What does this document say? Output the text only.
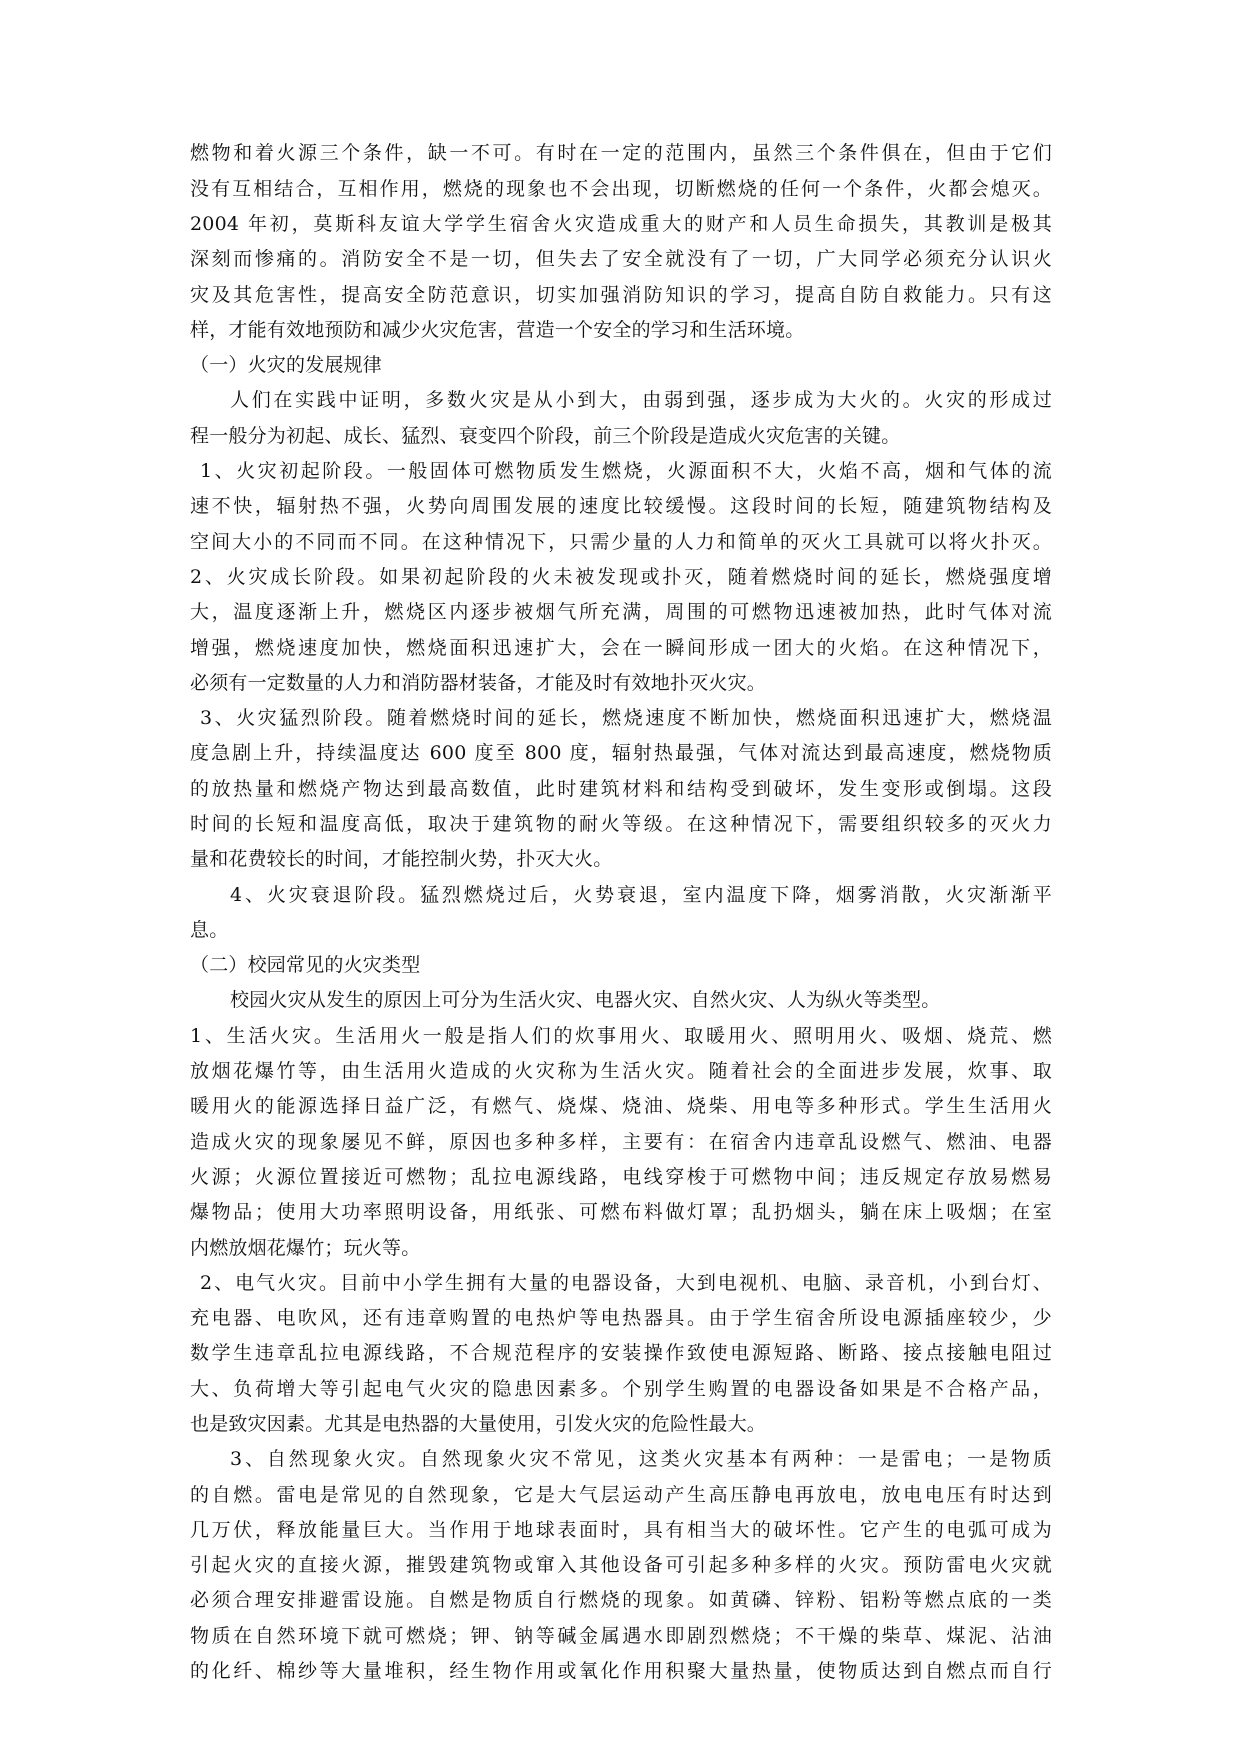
燃物和着火源三个条件，缺一不可。有时在一定的范围内，虽然三个条件俱在，但由于它们
没有互相结合，互相作用，燃烧的现象也不会出现，切断燃烧的任何一个条件，火都会熄灭。
2004 年初，莫斯科友谊大学学生宿舍火灾造成重大的财产和人员生命损失，其教训是极其
深刻而惨痛的。消防安全不是一切，但失去了安全就没有了一切，广大同学必须充分认识火
灾及其危害性，提高安全防范意识，切实加强消防知识的学习，提高自防自救能力。只有这
样，才能有效地预防和减少火灾危害，营造一个安全的学习和生活环境。
（一）火灾的发展规律
人们在实践中证明，多数火灾是从小到大，由弱到强，逐步成为大火的。火灾的形成过
程一般分为初起、成长、猛烈、衰变四个阶段，前三个阶段是造成火灾危害的关键。
1、火灾初起阶段。一般固体可燃物质发生燃烧，火源面积不大，火焰不高，烟和气体的流
速不快，辐射热不强，火势向周围发展的速度比较缓慢。这段时间的长短，随建筑物结构及
空间大小的不同而不同。在这种情况下，只需少量的人力和简单的灭火工具就可以将火扑灭。
2、火灾成长阶段。如果初起阶段的火未被发现或扑灭，随着燃烧时间的延长，燃烧强度增
大，温度逐渐上升，燃烧区内逐步被烟气所充满，周围的可燃物迅速被加热，此时气体对流
增强，燃烧速度加快，燃烧面积迅速扩大，会在一瞬间形成一团大的火焰。在这种情况下，
必须有一定数量的人力和消防器材装备，才能及时有效地扑灭火灾。
3、火灾猛烈阶段。随着燃烧时间的延长，燃烧速度不断加快，燃烧面积迅速扩大，燃烧温
度急剧上升，持续温度达 600 度至 800 度，辐射热最强，气体对流达到最高速度，燃烧物质
的放热量和燃烧产物达到最高数值，此时建筑材料和结构受到破坏，发生变形或倒塌。这段
时间的长短和温度高低，取决于建筑物的耐火等级。在这种情况下，需要组织较多的灭火力
量和花费较长的时间，才能控制火势，扑灭大火。
4、火灾衰退阶段。猛烈燃烧过后，火势衰退，室内温度下降，烟雾消散，火灾渐渐平
息。
（二）校园常见的火灾类型
校园火灾从发生的原因上可分为生活火灾、电器火灾、自然火灾、人为纵火等类型。
1、生活火灾。生活用火一般是指人们的炊事用火、取暖用火、照明用火、吸烟、烧荒、燃
放烟花爆竹等，由生活用火造成的火灾称为生活火灾。随着社会的全面进步发展，炊事、取
暖用火的能源选择日益广泛，有燃气、烧煤、烧油、烧柴、用电等多种形式。学生生活用火
造成火灾的现象屡见不鲜，原因也多种多样，主要有：在宿舍内违章乱设燃气、燃油、电器
火源；火源位置接近可燃物；乱拉电源线路，电线穿梭于可燃物中间；违反规定存放易燃易
爆物品；使用大功率照明设备，用纸张、可燃布料做灯罩；乱扔烟头，躺在床上吸烟；在室
内燃放烟花爆竹；玩火等。
2、电气火灾。目前中小学生拥有大量的电器设备，大到电视机、电脑、录音机，小到台灯、
充电器、电吹风，还有违章购置的电热炉等电热器具。由于学生宿舍所设电源插座较少，少
数学生违章乱拉电源线路，不合规范程序的安装操作致使电源短路、断路、接点接触电阻过
大、负荷增大等引起电气火灾的隐患因素多。个别学生购置的电器设备如果是不合格产品，
也是致灾因素。尤其是电热器的大量使用，引发火灾的危险性最大。
3、自然现象火灾。自然现象火灾不常见，这类火灾基本有两种：一是雷电；一是物质
的自燃。雷电是常见的自然现象，它是大气层运动产生高压静电再放电，放电电压有时达到
几万伏，释放能量巨大。当作用于地球表面时，具有相当大的破坏性。它产生的电弧可成为
引起火灾的直接火源，摧毁建筑物或窜入其他设备可引起多种多样的火灾。预防雷电火灾就
必须合理安排避雷设施。自燃是物质自行燃烧的现象。如黄磷、锌粉、铝粉等燃点底的一类
物质在自然环境下就可燃烧；钾、钠等碱金属遇水即剧烈燃烧；不干燥的柴草、煤泥、沾油
的化纤、棉纱等大量堆积，经生物作用或氧化作用积聚大量热量，使物质达到自燃点而自行
